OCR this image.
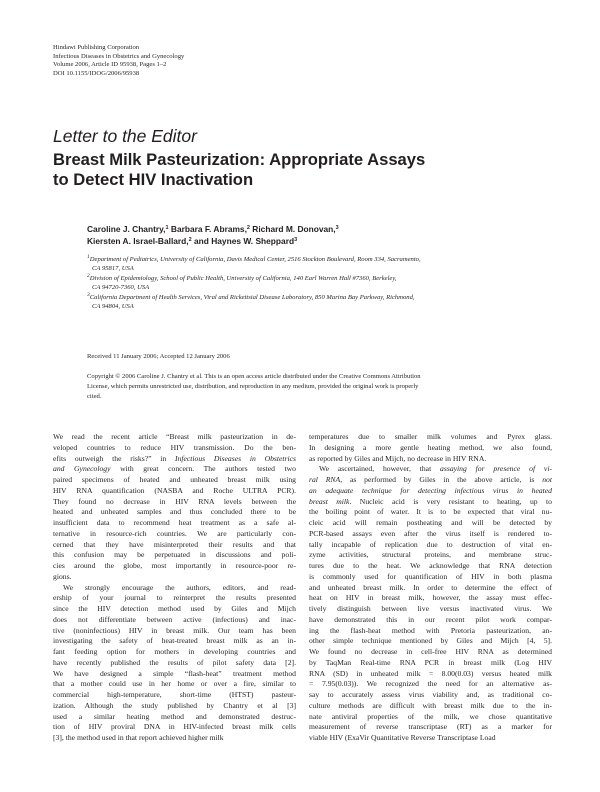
Hindawi Publishing Corporation
Infectious Diseases in Obstetrics and Gynecology
Volume 2006, Article ID 95938, Pages 1–2
DOI 10.1155/IDOG/2006/95938
Letter to the Editor
Breast Milk Pasteurization: Appropriate Assays
to Detect HIV Inactivation
Caroline J. Chantry,$^1$ Barbara F. Abrams,$^2$ Richard M. Donovan,$^3$
Kiersten A. Israel-Ballard,$^2$ and Haynes W. Sheppard$^3$
$^1$Department of Pediatrics, University of California, Davis Medical Center, 2516 Stockton Boulevard, Room 334, Sacramento,
CA 95817, USA
$^2$Division of Epidemiology, School of Public Health, University of California, 140 Earl Warren Hall #7360, Berkeley,
CA 94720-7360, USA
$^3$California Department of Health Services, Viral and Rickettsial Disease Laboratory, 850 Marina Bay Parkway, Richmond,
CA 94804, USA
Received 11 January 2006; Accepted 12 January 2006
Copyright © 2006 Caroline J. Chantry et al. This is an open access article distributed under the Creative Commons Attribution
License, which permits unrestricted use, distribution, and reproduction in any medium, provided the original work is properly
cited.
We read the recent article “Breast milk pasteurization in de-
veloped countries to reduce HIV transmission. Do the ben-
efits outweigh the risks?” in Infectious Diseases in Obstetrics
and Gynecology with great concern. The authors tested two
paired specimens of heated and unheated breast milk using
HIV RNA quantification (NASBA and Roche ULTRA PCR).
They found no decrease in HIV RNA levels between the
heated and unheated samples and thus concluded there to be
insufficient data to recommend heat treatment as a safe al-
ternative in resource-rich countries. We are particularly con-
cerned that they have misinterpreted their results and that
this confusion may be perpetuated in discussions and poli-
cies around the globe, most importantly in resource-poor re-
gions.
We strongly encourage the authors, editors, and read-
ership of your journal to reinterpret the results presented
since the HIV detection method used by Giles and Mijch
does not differentiate between active (infectious) and inac-
tive (noninfectious) HIV in breast milk. Our team has been
investigating the safety of heat-treated breast milk as an in-
fant feeding option for mothers in developing countries and
have recently published the results of pilot safety data [2].
We have designed a simple “flash-heat” treatment method
that a mother could use in her home or over a fire, similar to
commercial high-temperature, short-time (HTST) pasteur-
ization. Although the study published by Chantry et al [3]
used a similar heating method and demonstrated destruc-
tion of HIV proviral DNA in HIV-infected breast milk cells
[3], the method used in that report achieved higher milk
temperatures due to smaller milk volumes and Pyrex glass.
In designing a more gentle heating method, we also found,
as reported by Giles and Mijch, no decrease in HIV RNA.
We ascertained, however, that assaying for presence of vi-
ral RNA, as performed by Giles in the above article, is not
an adequate technique for detecting infectious virus in heated
breast milk. Nucleic acid is very resistant to heating, up to
the boiling point of water. It is to be expected that viral nu-
cleic acid will remain postheating and will be detected by
PCR-based assays even after the virus itself is rendered to-
tally incapable of replication due to destruction of vital en-
zyme activities, structural proteins, and membrane struc-
tures due to the heat. We acknowledge that RNA detection
is commonly used for quantification of HIV in both plasma
and unheated breast milk. In order to determine the effect of
heat on HIV in breast milk, however, the assay must effec-
tively distinguish between live versus inactivated virus. We
have demonstrated this in our recent pilot work compar-
ing the flash-heat method with Pretoria pasteurization, an-
other simple technique mentioned by Giles and Mijch [4, 5].
We found no decrease in cell-free HIV RNA as determined
by TaqMan Real-time RNA PCR in breast milk (Log HIV
RNA (SD) in unheated milk = 8.00(0.03) versus heated milk
= 7.95(0.03)). We recognized the need for an alternative as-
say to accurately assess virus viability and, as traditional co-
culture methods are difficult with breast milk due to the in-
nate antiviral properties of the milk, we chose quantitative
measurement of reverse transcriptase (RT) as a marker for
viable HIV (ExaVir Quantitative Reverse Transcriptase Load
